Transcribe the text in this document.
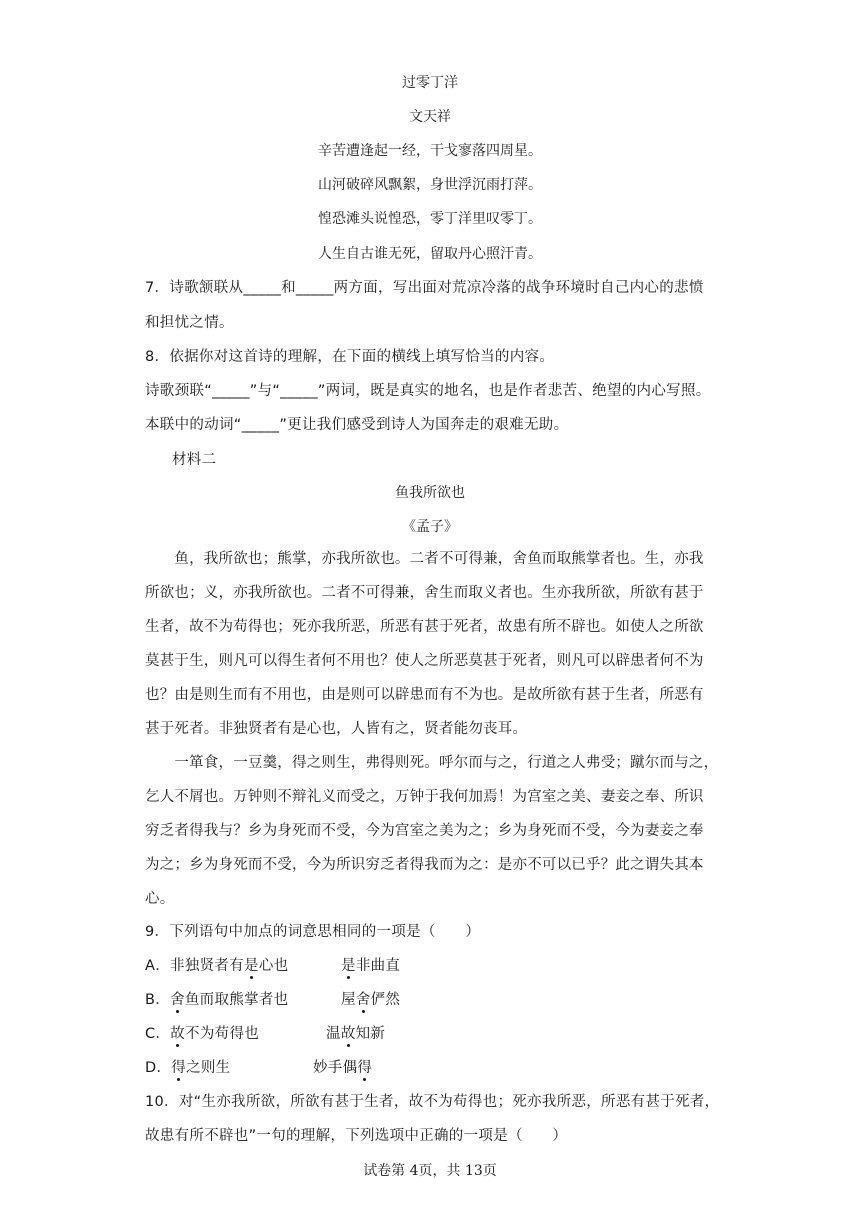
过零丁洋
文天祥
辛苦遭逢起一经，干戈寥落四周星。
山河破碎风飘絮，身世浮沉雨打萍。
惶恐滩头说惶恐，零丁洋里叹零丁。
人生自古谁无死，留取丹心照汗青。
7．诗歌颔联从_____和_____两方面，写出面对荒凉冷落的战争环境时自己内心的悲愤
和担忧之情。
8．依据你对这首诗的理解，在下面的横线上填写恰当的内容。
诗歌颈联“_____”与“_____”两词，既是真实的地名，也是作者悲苦、绝望的内心写照。
本联中的动词“_____”更让我们感受到诗人为国奔走的艰难无助。
材料二
鱼我所欲也
《孟子》
　　鱼，我所欲也；熊掌，亦我所欲也。二者不可得兼，舍鱼而取熊掌者也。生，亦我
所欲也；义，亦我所欲也。二者不可得兼，舍生而取义者也。生亦我所欲，所欲有甚于
生者，故不为苟得也；死亦我所恶，所恶有甚于死者，故患有所不辟也。如使人之所欲
莫甚于生，则凡可以得生者何不用也？使人之所恶莫甚于死者，则凡可以辟患者何不为
也？由是则生而有不用也，由是则可以辟患而有不为也。是故所欲有甚于生者，所恶有
甚于死者。非独贤者有是心也，人皆有之，贤者能勿丧耳。
　　一箪食，一豆羹，得之则生，弗得则死。呼尔而与之，行道之人弗受；蹴尔而与之，
乞人不屑也。万钟则不辩礼义而受之，万钟于我何加焉！为宫室之美、妻妾之奉、所识
穷乏者得我与？乡为身死而不受，今为宫室之美为之；乡为身死而不受，今为妻妾之奉
为之；乡为身死而不受，今为所识穷乏者得我而为之：是亦不可以已乎？此之谓失其本
心。
9．下列语句中加点的词意思相同的一项是（　　）
A．非独贤者有是心也	是非曲直
B．舍鱼而取熊掌者也	屋舍俨然
C．故不为苟得也	温故知新
D．得之则生	妙手偶得
10．对“生亦我所欲，所欲有甚于生者，故不为苟得也；死亦我所恶，所恶有甚于死者，
故患有所不辟也”一句的理解，下列选项中正确的一项是（　　）
试卷第 4页，共 13页
